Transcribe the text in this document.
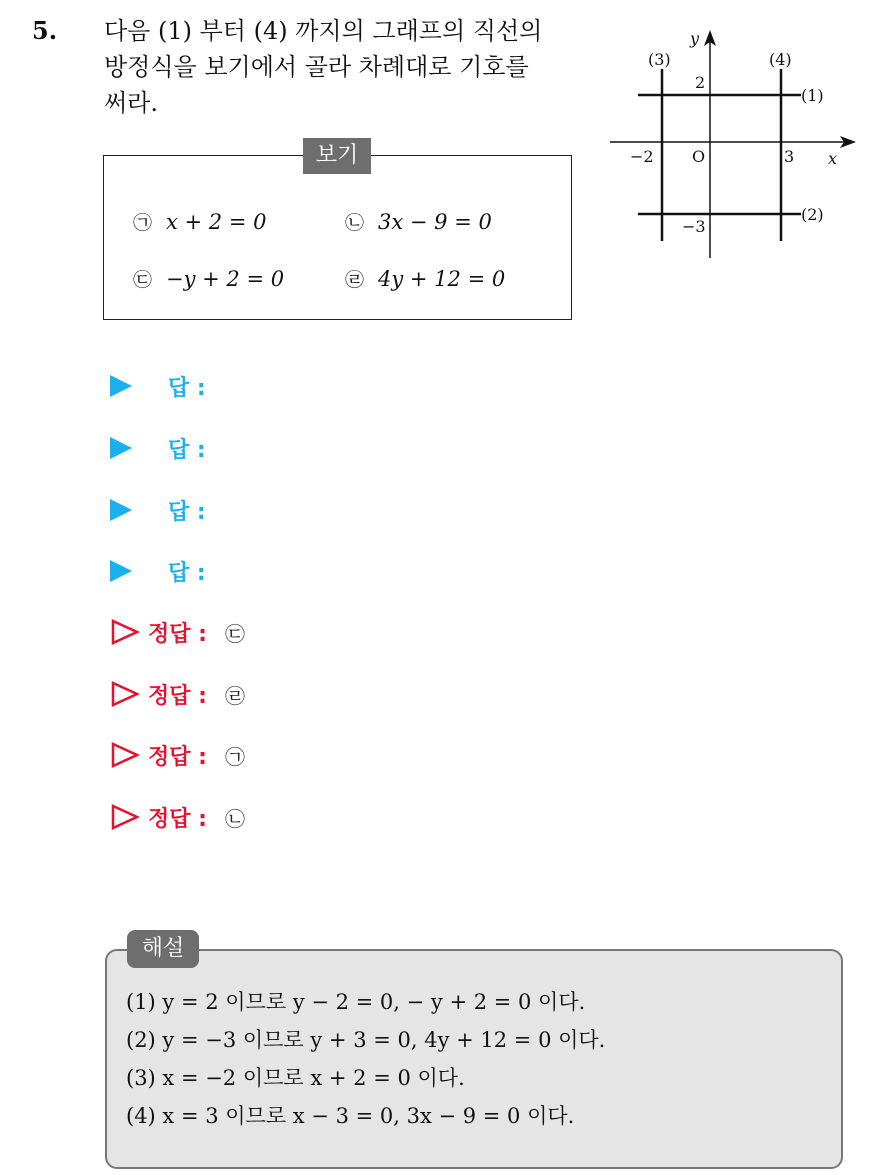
5. 다음 (1) 부터 (4) 까지의 그래프의 직선의
방정식을 보기에서 골라 차례대로 기호를
써라.
보기
㉠ x + 2 = 0	㉡ 3x − 9 = 0
㉢ −y + 2 = 0	㉣ 4y + 12 = 0
y
x
O
(3)	(4)
(1)
(2)
2
−3
−2	3
답 :
답 :
답 :
답 :
정답 : ㉢
정답 : ㉣
정답 : ㉠
정답 : ㉡
해설
(1) y = 2 이므로 y − 2 = 0, − y + 2 = 0 이다.
(2) y = −3 이므로 y + 3 = 0, 4y + 12 = 0 이다.
(3) x = −2 이므로 x + 2 = 0 이다.
(4) x = 3 이므로 x − 3 = 0, 3x − 9 = 0 이다.
